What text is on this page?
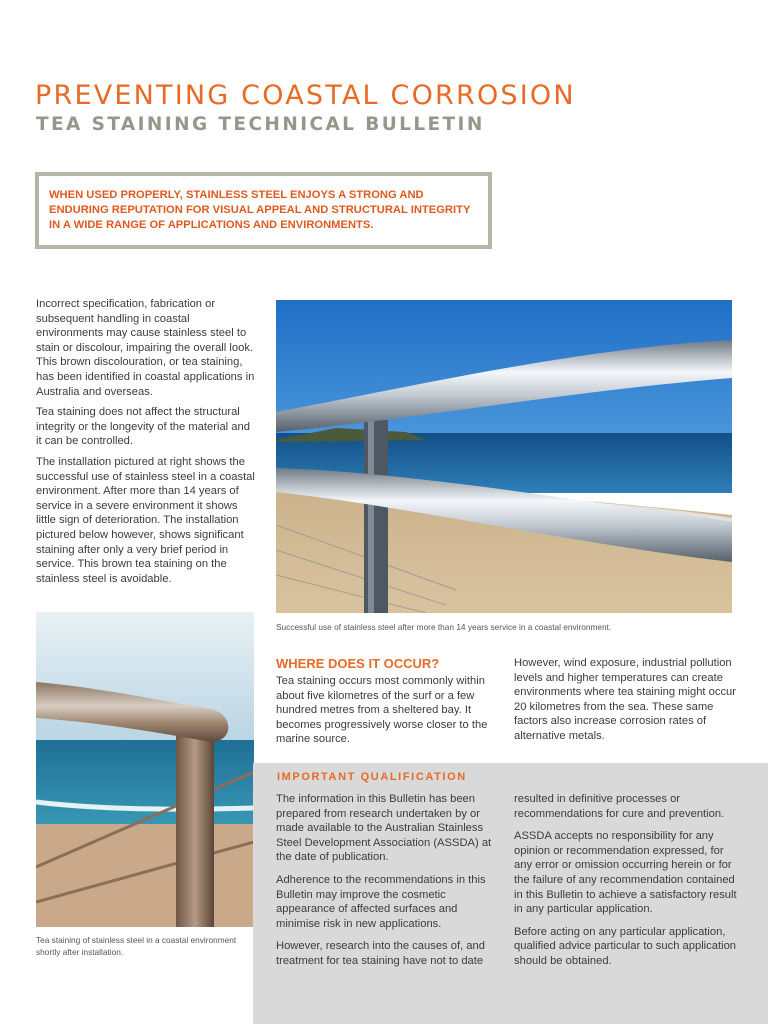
PREVENTING COASTAL CORROSION
TEA STAINING TECHNICAL BULLETIN
WHEN USED PROPERLY, STAINLESS STEEL ENJOYS A STRONG AND ENDURING REPUTATION FOR VISUAL APPEAL AND STRUCTURAL INTEGRITY IN A WIDE RANGE OF APPLICATIONS AND ENVIRONMENTS.

Incorrect specification, fabrication or subsequent handling in coastal environments may cause stainless steel to stain or discolour, impairing the overall look. This brown discolouration, or tea staining, has been identified in coastal applications in Australia and overseas.

Tea staining does not affect the structural integrity or the longevity of the material and it can be controlled.

The installation pictured at right shows the successful use of stainless steel in a coastal environment. After more than 14 years of service in a severe environment it shows little sign of deterioration. The installation pictured below however, shows significant staining after only a very brief period in service. This brown tea staining on the stainless steel is avoidable.

Successful use of stainless steel after more than 14 years service in a coastal environment.
Tea staining of stainless steel in a coastal environment shortly after installation.
WHERE DOES IT OCCUR?
Tea staining occurs most commonly within about five kilometres of the surf or a few hundred metres from a sheltered bay. It becomes progressively worse closer to the marine source.
However, wind exposure, industrial pollution levels and higher temperatures can create environments where tea staining might occur 20 kilometres from the sea. These same factors also increase corrosion rates of alternative metals.
IMPORTANT QUALIFICATION

The information in this Bulletin has been prepared from research undertaken by or made available to the Australian Stainless Steel Development Association (ASSDA) at the date of publication.

Adherence to the recommendations in this Bulletin may improve the cosmetic appearance of affected surfaces and minimise risk in new applications.

However, research into the causes of, and treatment for tea staining have not to date

resulted in definitive processes or recommendations for cure and prevention.

ASSDA accepts no responsibility for any opinion or recommendation expressed, for any error or omission occurring herein or for the failure of any recommendation contained in this Bulletin to achieve a satisfactory result in any particular application.

Before acting on any particular application, qualified advice particular to such application should be obtained.
